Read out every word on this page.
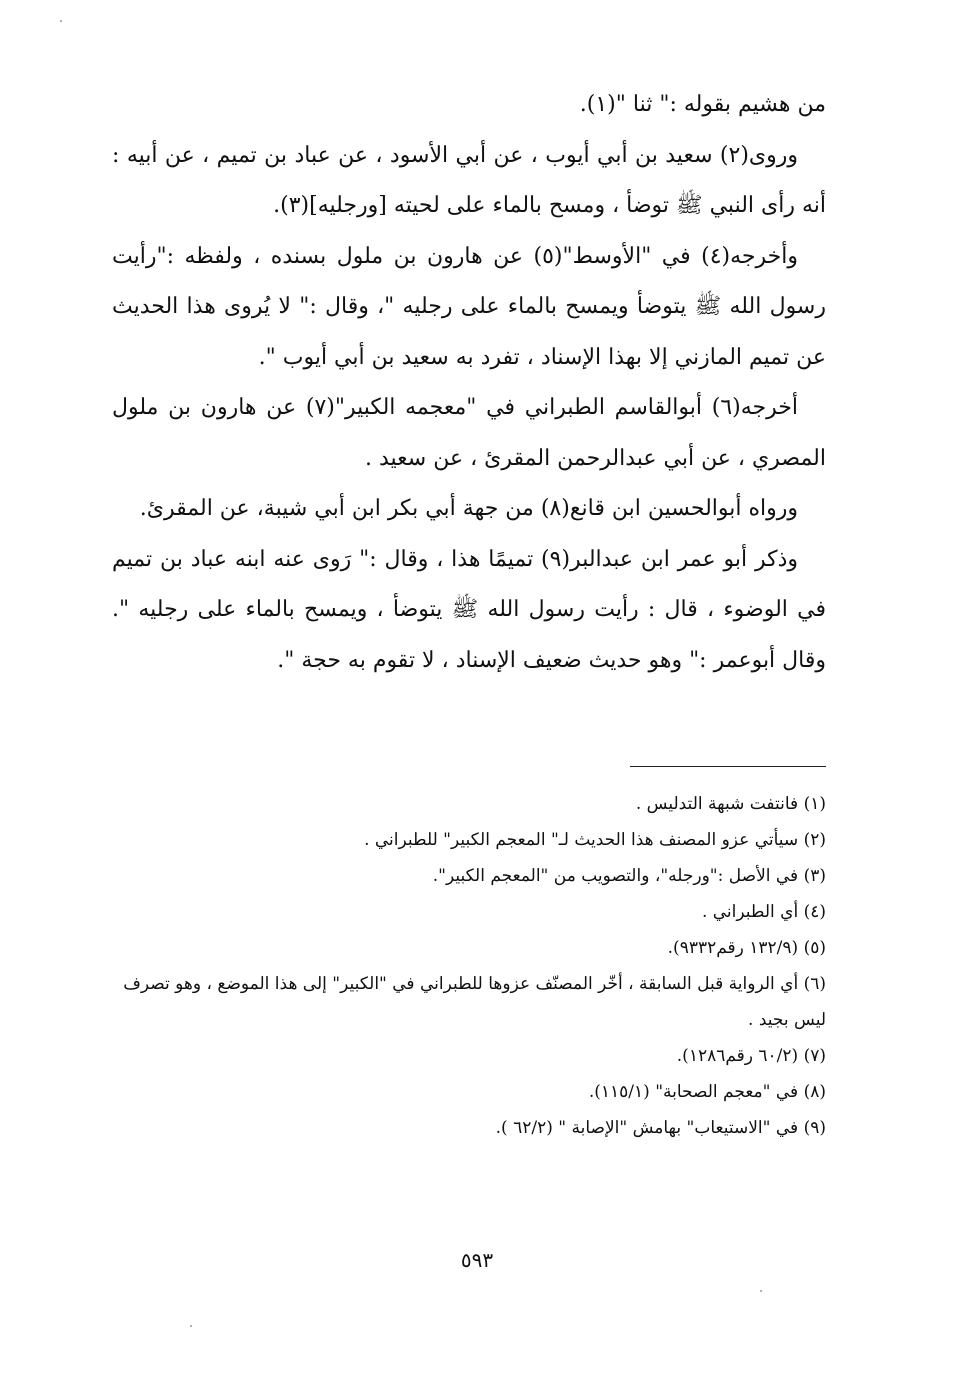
من هشيم بقوله :" ثنا "(١).

وروى(٢) سعيد بن أبي أيوب ، عن أبي الأسود ، عن عباد بن تميم ، عن أبيه : أنه رأى النبي ﷺ توضأ ، ومسح بالماء على لحيته [ورجليه](٣).

وأخرجه(٤) في "الأوسط"(٥) عن هارون بن ملول بسنده ، ولفظه :"رأيت رسول الله ﷺ يتوضأ ويمسح بالماء على رجليه "، وقال :" لا يُروى هذا الحديث عن تميم المازني إلا بهذا الإسناد ، تفرد به سعيد بن أبي أيوب ".

أخرجه(٦) أبوالقاسم الطبراني في "معجمه الكبير"(٧) عن هارون بن ملول المصري ، عن أبي عبدالرحمن المقرئ ، عن سعيد .

ورواه أبوالحسين ابن قانع(٨) من جهة أبي بكر ابن أبي شيبة، عن المقرئ.

وذكر أبو عمر ابن عبدالبر(٩) تميمًا هذا ، وقال :" رَوى عنه ابنه عباد بن تميم في الوضوء ، قال : رأيت رسول الله ﷺ يتوضأ ، ويمسح بالماء على رجليه ". وقال أبوعمر :" وهو حديث ضعيف الإسناد ، لا تقوم به حجة ".

(١) فانتفت شبهة التدليس .

(٢) سيأتي عزو المصنف هذا الحديث لـ" المعجم الكبير" للطبراني .

(٣) في الأصل :"ورجله"، والتصويب من "المعجم الكبير".

(٤) أي الطبراني .

(٥) (١٣٢/٩ رقم٩٣٣٢).

(٦) أي الرواية قبل السابقة ، أخّر المصنّف عزوها للطبراني في "الكبير" إلى هذا الموضع ، وهو تصرف ليس بجيد .

(٧) (٦٠/٢ رقم١٢٨٦).

(٨) في "معجم الصحابة" (١١٥/١).

(٩) في "الاستيعاب" بهامش "الإصابة " (٦٢/٢ ).

٥٩٣
